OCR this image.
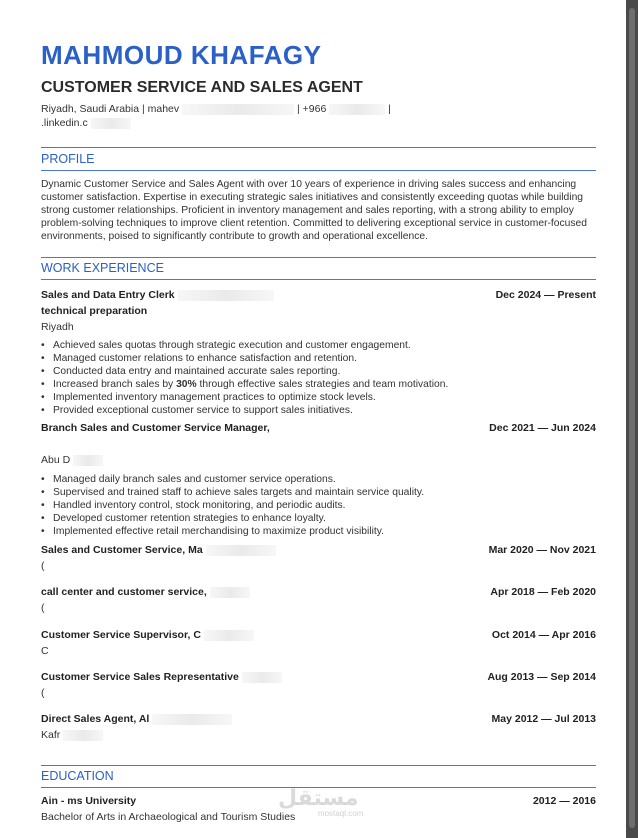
MAHMOUD KHAFAGY
CUSTOMER SERVICE AND SALES AGENT
Riyadh, Saudi Arabia | mahev	| +966	|
.linkedin.c
PROFILE
Dynamic Customer Service and Sales Agent with over 10 years of experience in driving sales success and enhancing customer satisfaction. Expertise in executing strategic sales initiatives and consistently exceeding quotas while building strong customer relationships. Proficient in inventory management and sales reporting, with a strong ability to employ problem-solving techniques to improve client retention. Committed to delivering exceptional service in customer-focused environments, poised to significantly contribute to growth and operational excellence.
WORK EXPERIENCE
Sales and Data Entry Clerk	Dec 2024 — Present
technical preparation
Riyadh
• Achieved sales quotas through strategic execution and customer engagement.
• Managed customer relations to enhance satisfaction and retention.
• Conducted data entry and maintained accurate sales reporting.
• Increased branch sales by 30% through effective sales strategies and team motivation.
• Implemented inventory management practices to optimize stock levels.
• Provided exceptional customer service to support sales initiatives.
Branch Sales and Customer Service Manager,	Dec 2021 — Jun 2024
Abu D
• Managed daily branch sales and customer service operations.
• Supervised and trained staff to achieve sales targets and maintain service quality.
• Handled inventory control, stock monitoring, and periodic audits.
• Developed customer retention strategies to enhance loyalty.
• Implemented effective retail merchandising to maximize product visibility.
Sales and Customer Service, Ma	Mar 2020 — Nov 2021
(
call center and customer service,	Apr 2018 — Feb 2020
(
Customer Service Supervisor, C	Oct 2014 — Apr 2016
C
Customer Service Sales Representative	Aug 2013 — Sep 2014
(
Direct Sales Agent, Al	May 2012 — Jul 2013
Kafr
EDUCATION
Ain - ms University	2012 — 2016
Bachelor of Arts in Archaeological and Tourism Studies
مستقل
mostaql.com
